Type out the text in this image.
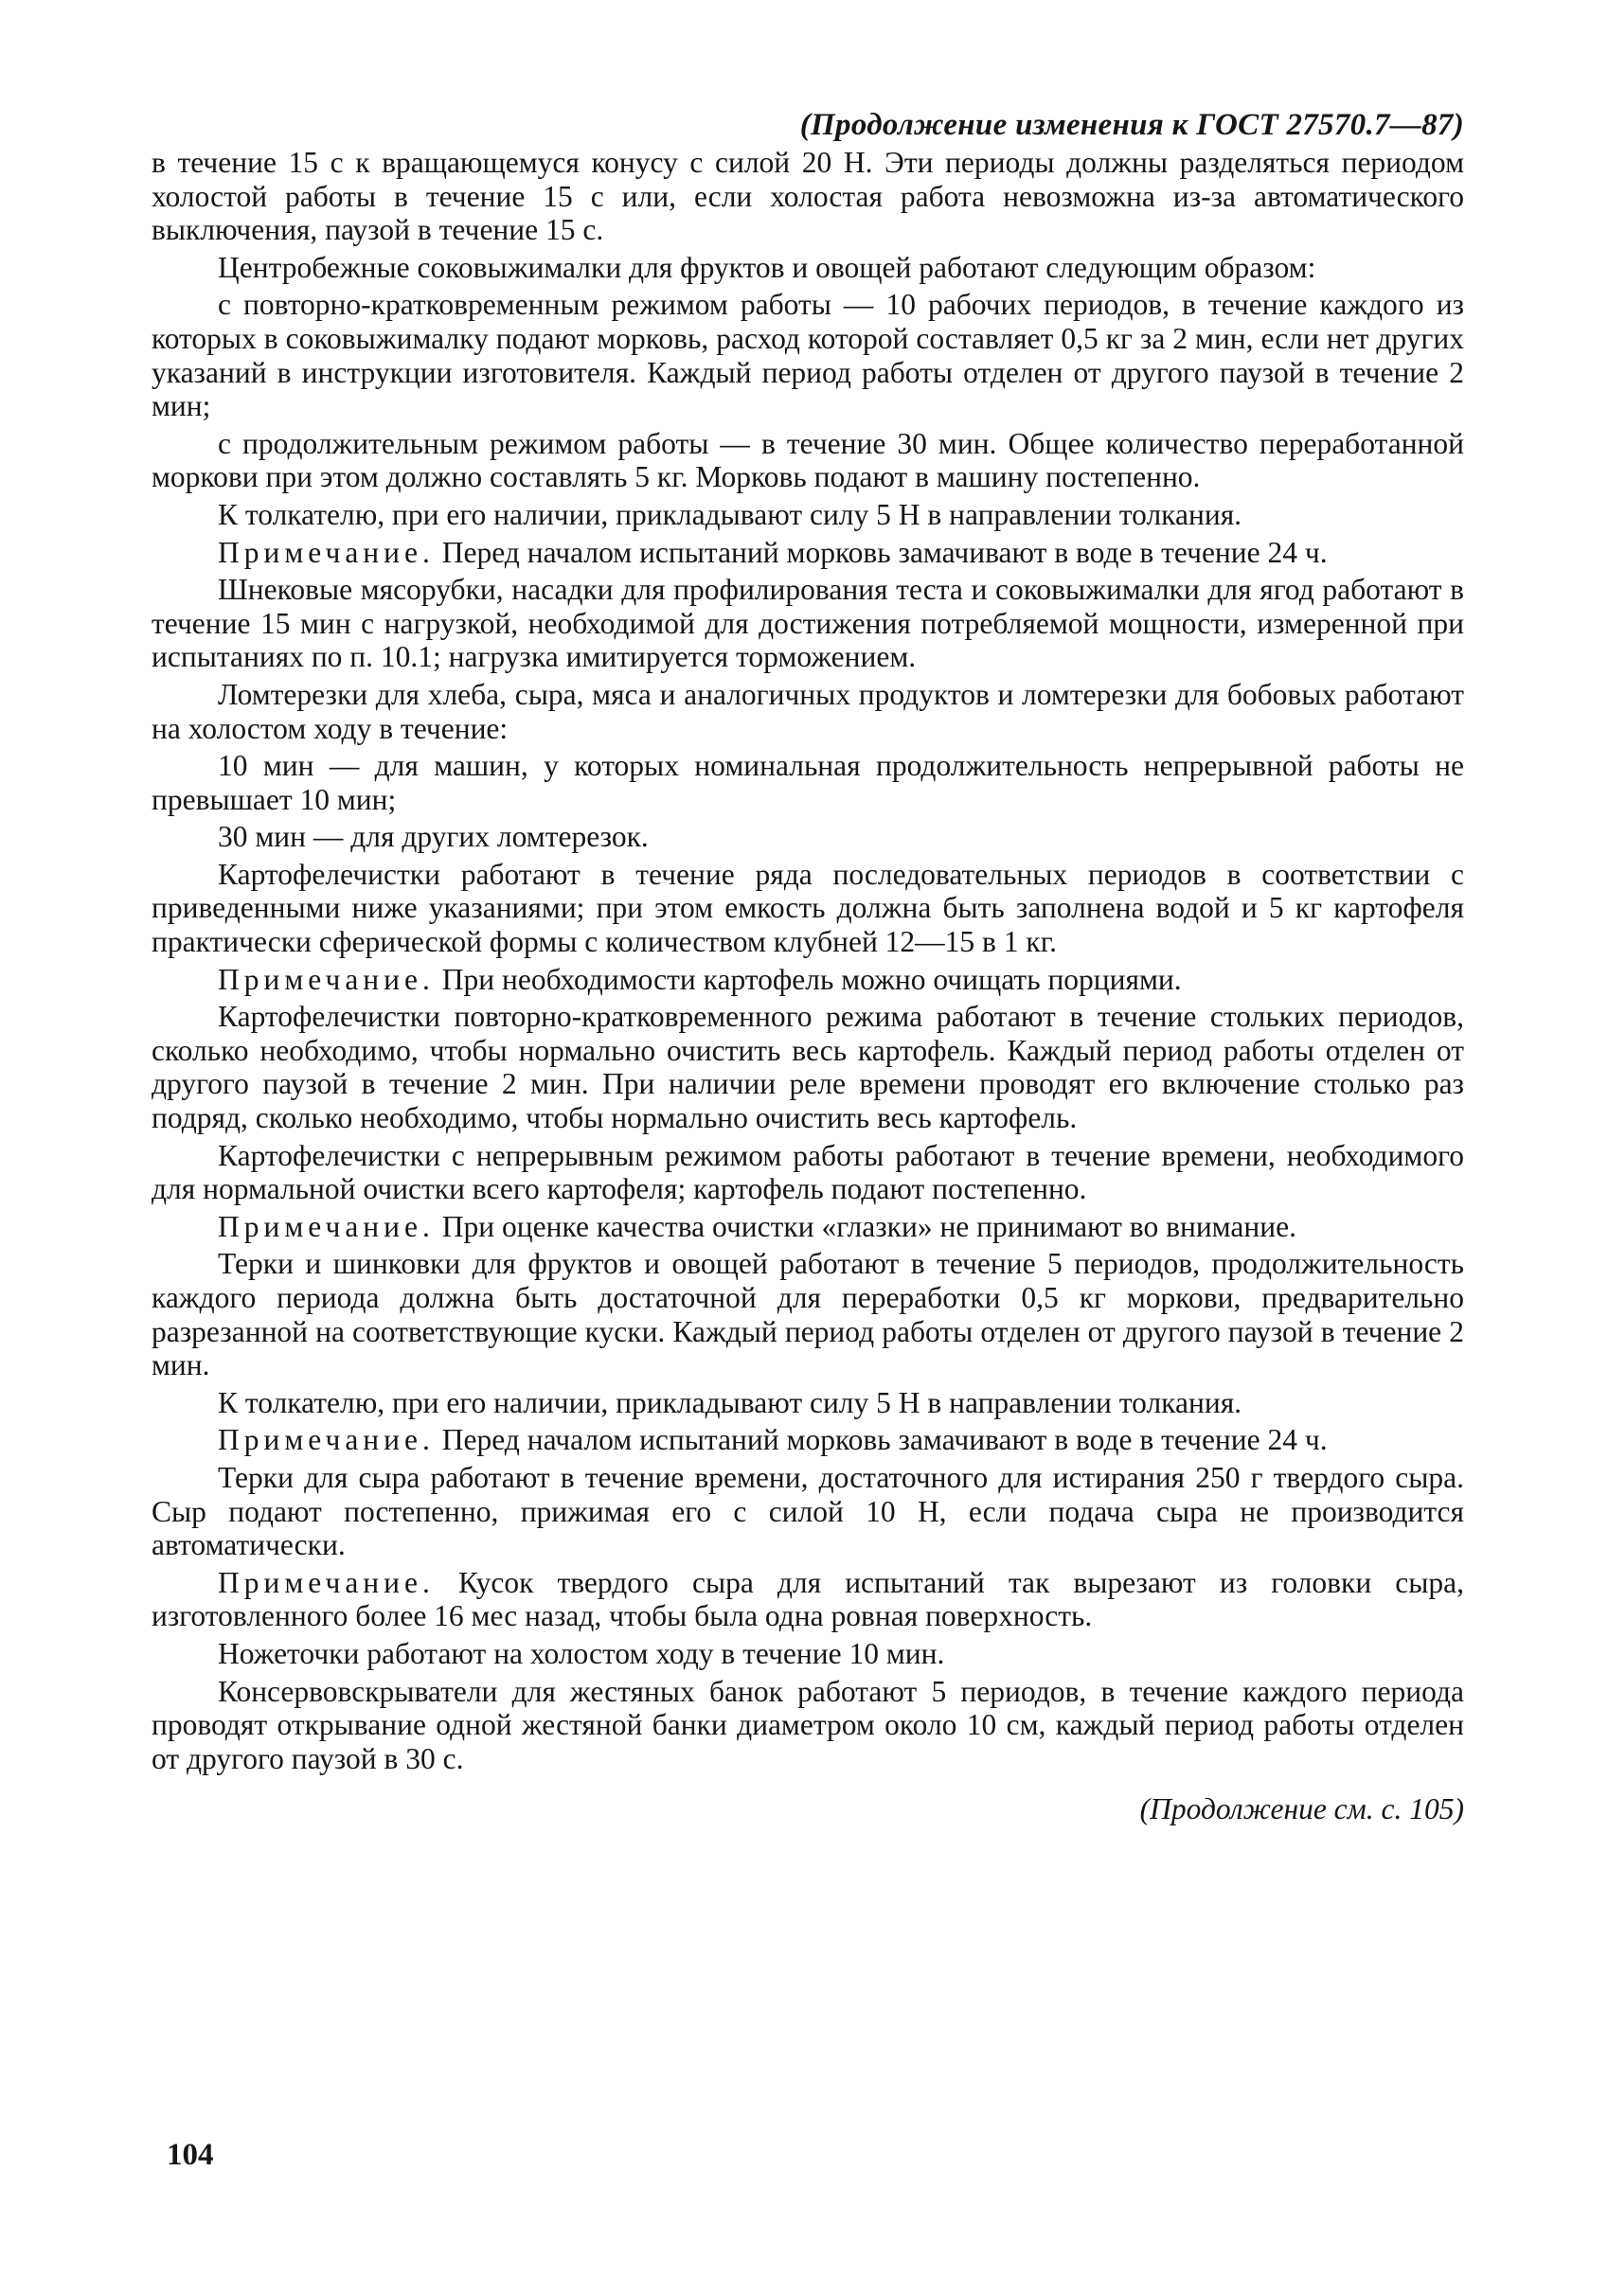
(Продолжение изменения к ГОСТ 27570.7—87)

в течение 15 с к вращающемуся конусу с силой 20 Н. Эти периоды должны разделяться периодом холостой работы в течение 15 с или, если холостая работа невозможна из-за автоматического выключения, паузой в течение 15 с.

Центробежные соковыжималки для фруктов и овощей работают следующим образом:

с повторно-кратковременным режимом работы — 10 рабочих периодов, в течение каждого из которых в соковыжималку подают морковь, расход которой составляет 0,5 кг за 2 мин, если нет других указаний в инструкции изготовителя. Каждый период работы отделен от другого паузой в течение 2 мин;

с продолжительным режимом работы — в течение 30 мин. Общее количество переработанной моркови при этом должно составлять 5 кг. Морковь подают в машину постепенно.

К толкателю, при его наличии, прикладывают силу 5 Н в направлении толкания.

Примечание. Перед началом испытаний морковь замачивают в воде в течение 24 ч.

Шнековые мясорубки, насадки для профилирования теста и соковыжималки для ягод работают в течение 15 мин с нагрузкой, необходимой для достижения потребляемой мощности, измеренной при испытаниях по п. 10.1; нагрузка имитируется торможением.

Ломтерезки для хлеба, сыра, мяса и аналогичных продуктов и ломтерезки для бобовых работают на холостом ходу в течение:

10 мин — для машин, у которых номинальная продолжительность непрерывной работы не превышает 10 мин;

30 мин — для других ломтерезок.

Картофелечистки работают в течение ряда последовательных периодов в соответствии с приведенными ниже указаниями; при этом емкость должна быть заполнена водой и 5 кг картофеля практически сферической формы с количеством клубней 12—15 в 1 кг.

Примечание. При необходимости картофель можно очищать порциями.

Картофелечистки повторно-кратковременного режима работают в течение стольких периодов, сколько необходимо, чтобы нормально очистить весь картофель. Каждый период работы отделен от другого паузой в течение 2 мин. При наличии реле времени проводят его включение столько раз подряд, сколько необходимо, чтобы нормально очистить весь картофель.

Картофелечистки с непрерывным режимом работы работают в течение времени, необходимого для нормальной очистки всего картофеля; картофель подают постепенно.

Примечание. При оценке качества очистки «глазки» не принимают во внимание.

Терки и шинковки для фруктов и овощей работают в течение 5 периодов, продолжительность каждого периода должна быть достаточной для переработки 0,5 кг моркови, предварительно разрезанной на соответствующие куски. Каждый период работы отделен от другого паузой в течение 2 мин.

К толкателю, при его наличии, прикладывают силу 5 Н в направлении толкания.

Примечание. Перед началом испытаний морковь замачивают в воде в течение 24 ч.

Терки для сыра работают в течение времени, достаточного для истирания 250 г твердого сыра. Сыр подают постепенно, прижимая его с силой 10 Н, если подача сыра не производится автоматически.

Примечание. Кусок твердого сыра для испытаний так вырезают из головки сыра, изготовленного более 16 мес назад, чтобы была одна ровная поверхность.

Ножеточки работают на холостом ходу в течение 10 мин.

Консервовскрыватели для жестяных банок работают 5 периодов, в течение каждого периода проводят открывание одной жестяной банки диаметром около 10 см, каждый период работы отделен от другого паузой в 30 с.

(Продолжение см. с. 105)
104
